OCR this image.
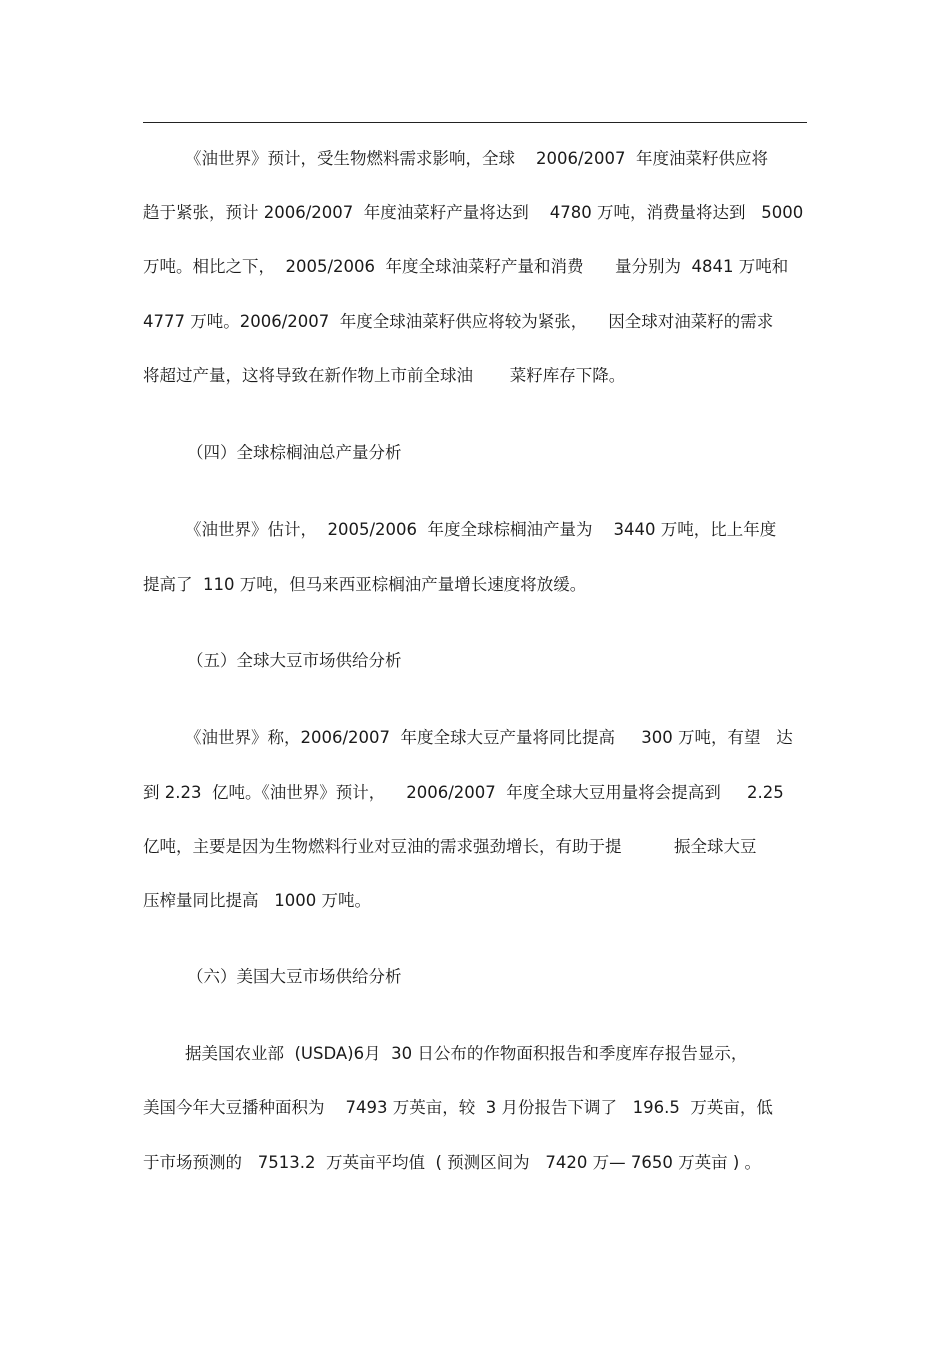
《油世界》预计，受生物燃料需求影响，全球    2006/2007  年度油菜籽供应将
趋于紧张，预计 2006/2007  年度油菜籽产量将达到    4780 万吨，消费量将达到   5000
万吨。相比之下，  2005/2006  年度全球油菜籽产量和消费      量分别为  4841 万吨和
4777 万吨。2006/2007  年度全球油菜籽供应将较为紧张，    因全球对油菜籽的需求
将超过产量，这将导致在新作物上市前全球油       菜籽库存下降。
（四）全球棕榈油总产量分析
《油世界》估计，  2005/2006  年度全球棕榈油产量为    3440 万吨，比上年度
提高了  110 万吨，但马来西亚棕榈油产量增长速度将放缓。
（五）全球大豆市场供给分析
《油世界》称，2006/2007  年度全球大豆产量将同比提高     300 万吨，有望   达
到 2.23  亿吨。《油世界》预计，    2006/2007  年度全球大豆用量将会提高到     2.25
亿吨，主要是因为生物燃料行业对豆油的需求强劲增长，有助于提          振全球大豆
压榨量同比提高   1000 万吨。
（六）美国大豆市场供给分析
据美国农业部  (USDA)6月  30 日公布的作物面积报告和季度库存报告显示，
美国今年大豆播种面积为    7493 万英亩，较  3 月份报告下调了   196.5  万英亩，低
于市场预测的   7513.2  万英亩平均值  ( 预测区间为   7420 万— 7650 万英亩 ) 。
